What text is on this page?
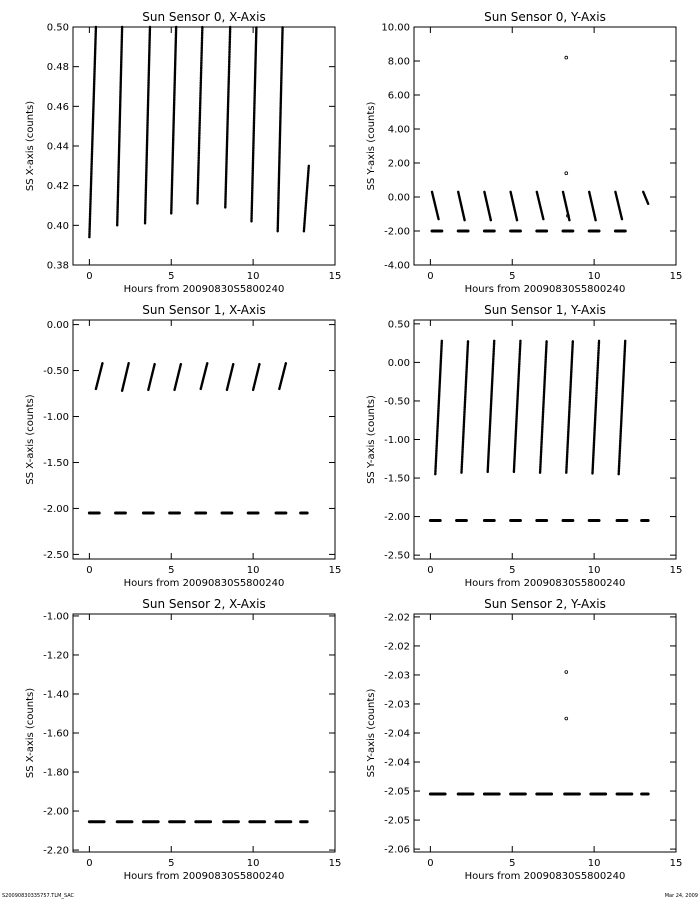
Sun Sensor 0, X-Axis
0	5	10	15
0.38
0.40
0.42
0.44
0.46
0.48
0.50
Hours from 20090830S5800240
SS X-axis (counts)
Sun Sensor 0, Y-Axis
0	5	10	15
-4.00
-2.00
0.00
2.00
4.00
6.00
8.00
10.00
Hours from 20090830S5800240
SS Y-axis (counts)
Sun Sensor 1, X-Axis
0	5	10	15
-2.50
-2.00
-1.50
-1.00
-0.50
0.00
Hours from 20090830S5800240
SS X-axis (counts)
Sun Sensor 1, Y-Axis
0	5	10	15
-2.50
-2.00
-1.50
-1.00
-0.50
0.00
0.50
Hours from 20090830S5800240
SS Y-axis (counts)
Sun Sensor 2, X-Axis
0	5	10	15
-2.20
-2.00
-1.80
-1.60
-1.40
-1.20
-1.00
Hours from 20090830S5800240
SS X-axis (counts)
Sun Sensor 2, Y-Axis
0	5	10	15
-2.06
-2.05
-2.05
-2.04
-2.04
-2.03
-2.03
-2.02
-2.02
Hours from 20090830S5800240
SS Y-axis (counts)
S20090830335757.TLM_SAC	Mar 24, 2009
